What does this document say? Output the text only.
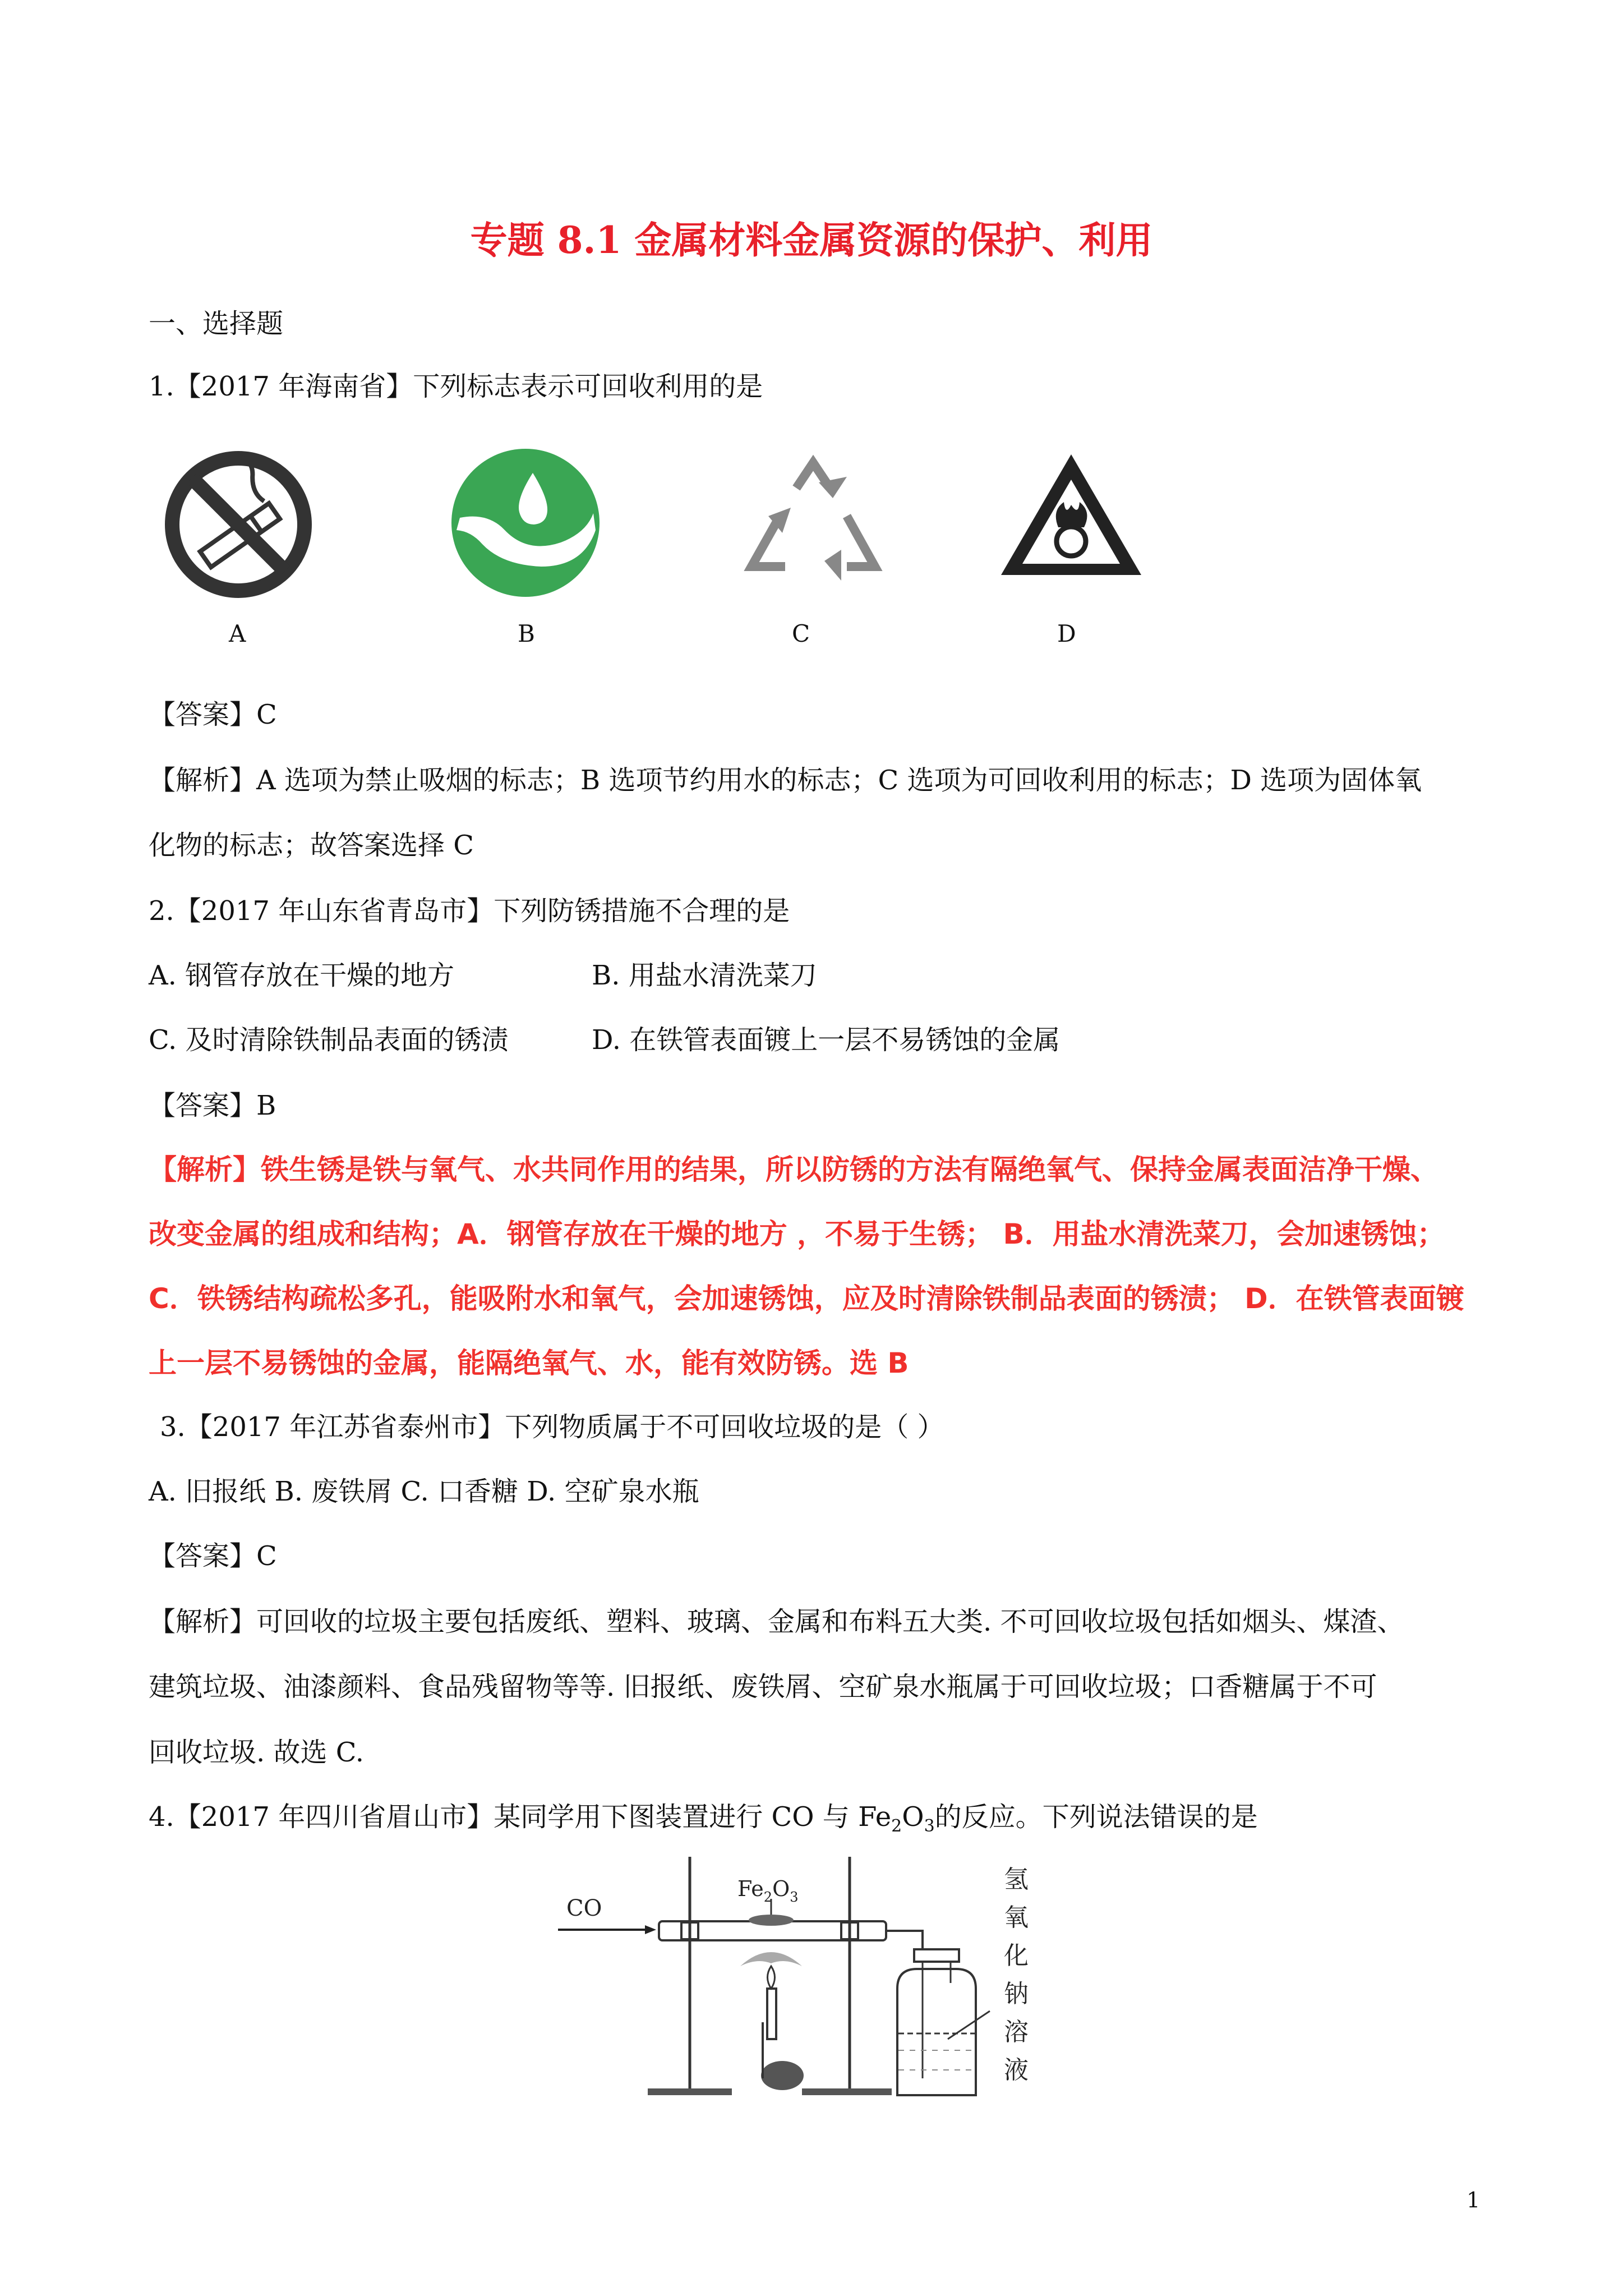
专题 8.1 金属材料金属资源的保护、利用
一、选择题
1.【2017 年海南省】下列标志表示可回收利用的是
A	B	C	D
【答案】C
【解析】A 选项为禁止吸烟的标志；B 选项节约用水的标志；C 选项为可回收利用的标志；D 选项为固体氧
化物的标志；故答案选择 C
2.【2017 年山东省青岛市】下列防锈措施不合理的是
A. 钢管存放在干燥的地方	B. 用盐水清洗菜刀
C. 及时清除铁制品表面的锈渍	D. 在铁管表面镀上一层不易锈蚀的金属
【答案】B
【解析】铁生锈是铁与氧气、水共同作用的结果，所以防锈的方法有隔绝氧气、保持金属表面洁净干燥、
改变金属的组成和结构；A．钢管存放在干燥的地方 ，不易于生锈； B．用盐水清洗菜刀，会加速锈蚀；
C．铁锈结构疏松多孔，能吸附水和氧气，会加速锈蚀，应及时清除铁制品表面的锈渍； D．在铁管表面镀
上一层不易锈蚀的金属，能隔绝氧气、水，能有效防锈。选 B
3.【2017 年江苏省泰州市】下列物质属于不可回收垃圾的是（ ）
A. 旧报纸 B. 废铁屑 C. 口香糖 D. 空矿泉水瓶
【答案】C
【解析】可回收的垃圾主要包括废纸、塑料、玻璃、金属和布料五大类. 不可回收垃圾包括如烟头、煤渣、
建筑垃圾、油漆颜料、食品残留物等等. 旧报纸、废铁屑、空矿泉水瓶属于可回收垃圾；口香糖属于不可
回收垃圾. 故选 C.
4.【2017 年四川省眉山市】某同学用下图装置进行 CO 与 $Fe_2O_3$的反应。下列说法错误的是
CO
$Fe_2O_3$
氢
氧
化
钠
溶
液
1
